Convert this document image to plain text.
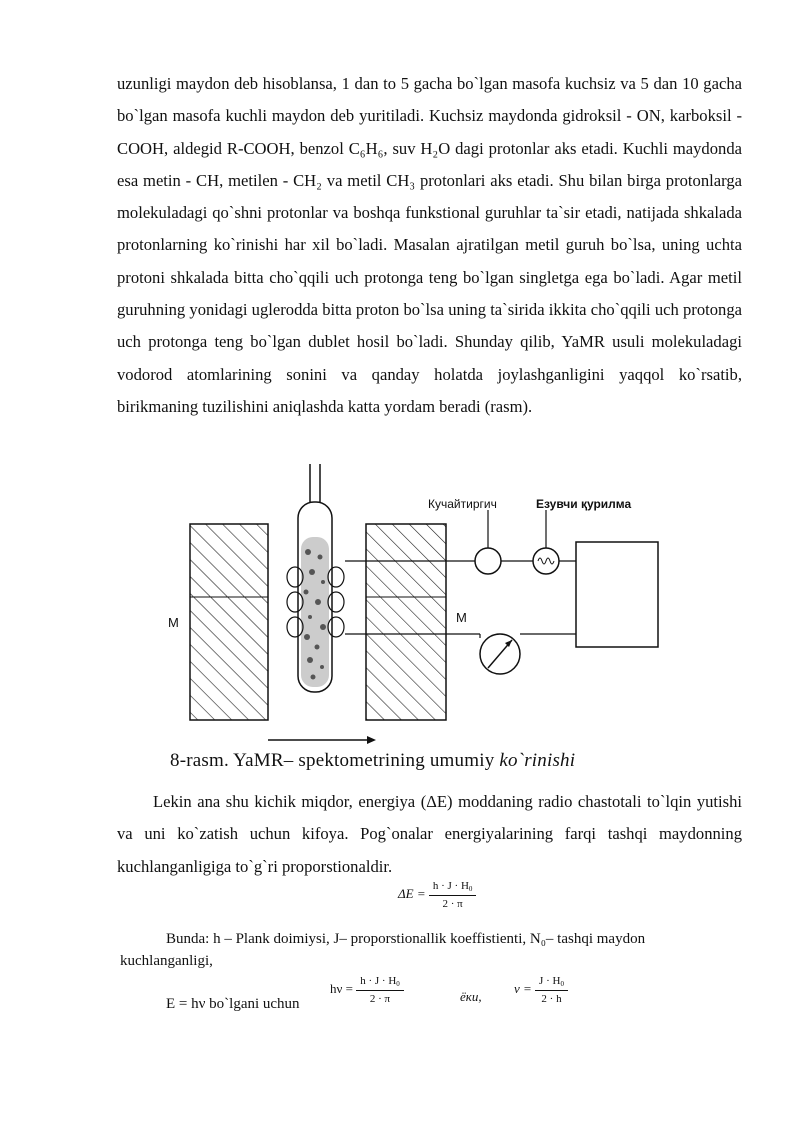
uzunligi maydon deb hisoblansa, 1 dan to 5 gacha bo`lgan masofa kuchsiz va 5 dan 10 gacha bo`lgan masofa kuchli maydon deb yuritiladi. Kuchsiz maydonda gidroksil - ON, karboksil - COOH, aldegid R-COOH, benzol C₆H₆, suv H₂O dagi protonlar aks etadi. Kuchli maydonda esa metin - CH, metilen - CH₂ va metil CH₃ protonlari aks etadi. Shu bilan birga protonlarga molekuladagi qo`shni protonlar va boshqa funkstional guruhlar ta`sir etadi, natijada shkalada protonlarning ko`rinishi har xil bo`ladi. Masalan ajratilgan metil guruh bo`lsa, uning uchta protoni shkalada bitta cho`qqili uch protonga teng bo`lgan singletga ega bo`ladi. Agar metil guruhning yonidagi uglerodda bitta proton bo`lsa uning ta`sirida ikkita cho`qqili uch protonga uch protonga teng bo`lgan dublet hosil bo`ladi. Shunday qilib, YaMR usuli molekuladagi vodorod atomlarining sonini va qanday holatda joylashganligini yaqqol ko`rsatib, birikmaning tuzilishini aniqlashda katta yordam beradi (rasm).

M	M
Кучайтиргич	Езувчи қурилма

8-rasm. YaMR– spektometrining umumiy ko`rinishi

Lekin ana shu kichik miqdor, energiya (ΔE) moddaning radio chastotali to`lqin yutishi va uni ko`zatish uchun kifoya. Pog`onalar energiyalarining farqi tashqi maydonning kuchlanganligiga to`g`ri proporstionaldir.

$\Delta E = \frac{h \cdot J \cdot H_0}{2 \cdot \pi}$
Bunda: h – Plank doimiysi, J– proporstionallik koeffistienti, N₀– tashqi maydon
kuchlanganligi,
E = hν bo`lgani uchun
$h\nu = \frac{h \cdot J \cdot H_0}{2 \cdot \pi}$	ёки,
$\nu = \frac{J \cdot H_0}{2 \cdot h}$
